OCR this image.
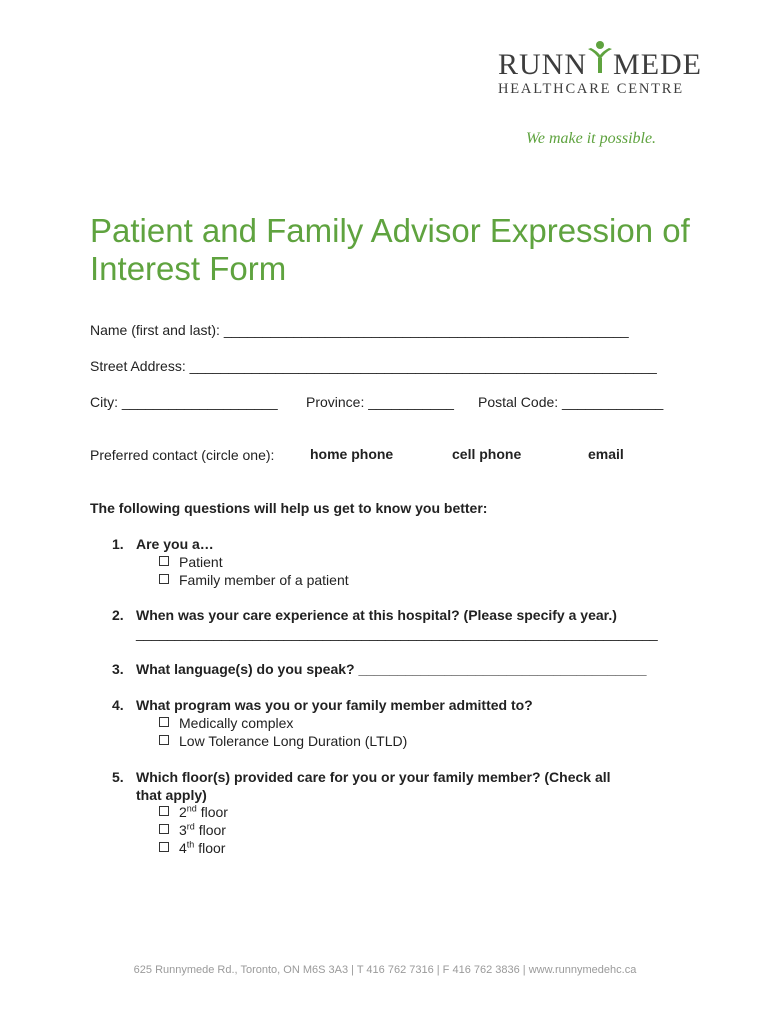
RUNN MEDE
HEALTHCARE CENTRE
We make it possible.
Patient and Family Advisor Expression of Interest Form
Name (first and last): ____________________________________________________
Street Address: ____________________________________________________________
City: ____________________ Province: ___________ Postal Code: _____________
Preferred contact (circle one):	home phone	cell phone	email
The following questions will help us get to know you better:
1. Are you a…
Patient
Family member of a patient
2. When was your care experience at this hospital? (Please specify a year.)
___________________________________________________________________
3. What language(s) do you speak? _____________________________________
4. What program was you or your family member admitted to?
Medically complex
Low Tolerance Long Duration (LTLD)
5. Which floor(s) provided care for you or your family member? (Check all
that apply)
2nd floor
3rd floor
4th floor
625 Runnymede Rd., Toronto, ON M6S 3A3 | T 416 762 7316 | F 416 762 3836 | www.runnymedehc.ca
